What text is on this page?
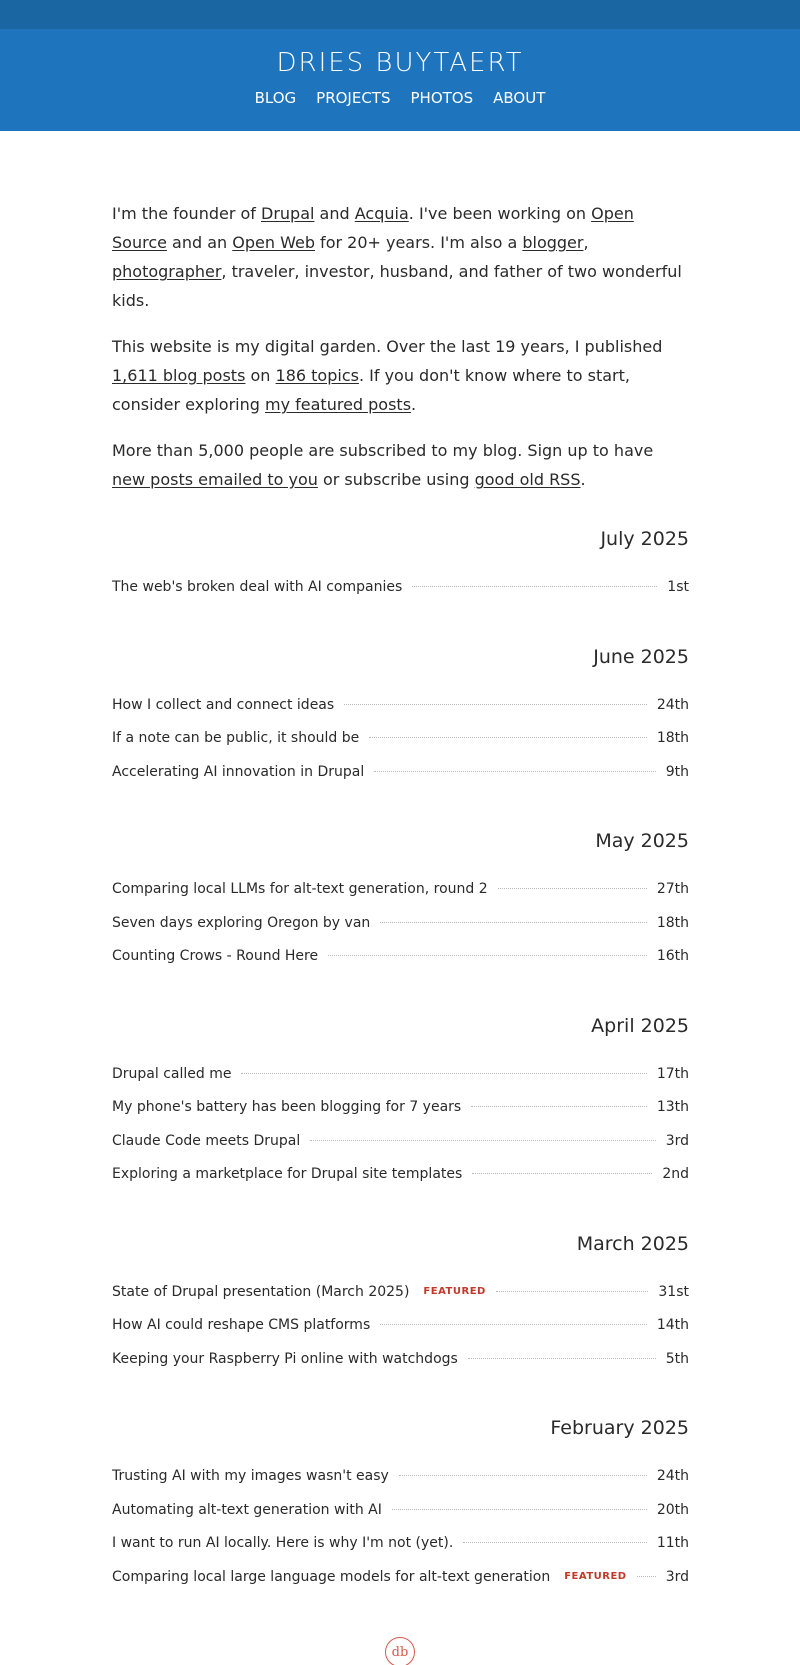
DRIES BUYTAERT
BLOG PROJECTS PHOTOS ABOUT

I'm the founder of Drupal and Acquia. I've been working on Open Source and an Open Web for 20+ years. I'm also a blogger, photographer, traveler, investor, husband, and father of two wonderful kids.

This website is my digital garden. Over the last 19 years, I published 1,611 blog posts on 186 topics. If you don't know where to start, consider exploring my featured posts.

More than 5,000 people are subscribed to my blog. Sign up to have new posts emailed to you or subscribe using good old RSS.

July 2025
The web's broken deal with AI companies	1st
June 2025
How I collect and connect ideas	24th
If a note can be public, it should be	18th
Accelerating AI innovation in Drupal	9th
May 2025
Comparing local LLMs for alt-text generation, round 2	27th
Seven days exploring Oregon by van	18th
Counting Crows - Round Here	16th
April 2025
Drupal called me	17th
My phone's battery has been blogging for 7 years	13th
Claude Code meets Drupal	3rd
Exploring a marketplace for Drupal site templates	2nd
March 2025
State of Drupal presentation (March 2025) FEATURED	31st
How AI could reshape CMS platforms	14th
Keeping your Raspberry Pi online with watchdogs	5th
February 2025
Trusting AI with my images wasn't easy	24th
Automating alt-text generation with AI	20th
I want to run AI locally. Here is why I'm not (yet).	11th
Comparing local large language models for alt-text generation FEATURED	3rd
db
